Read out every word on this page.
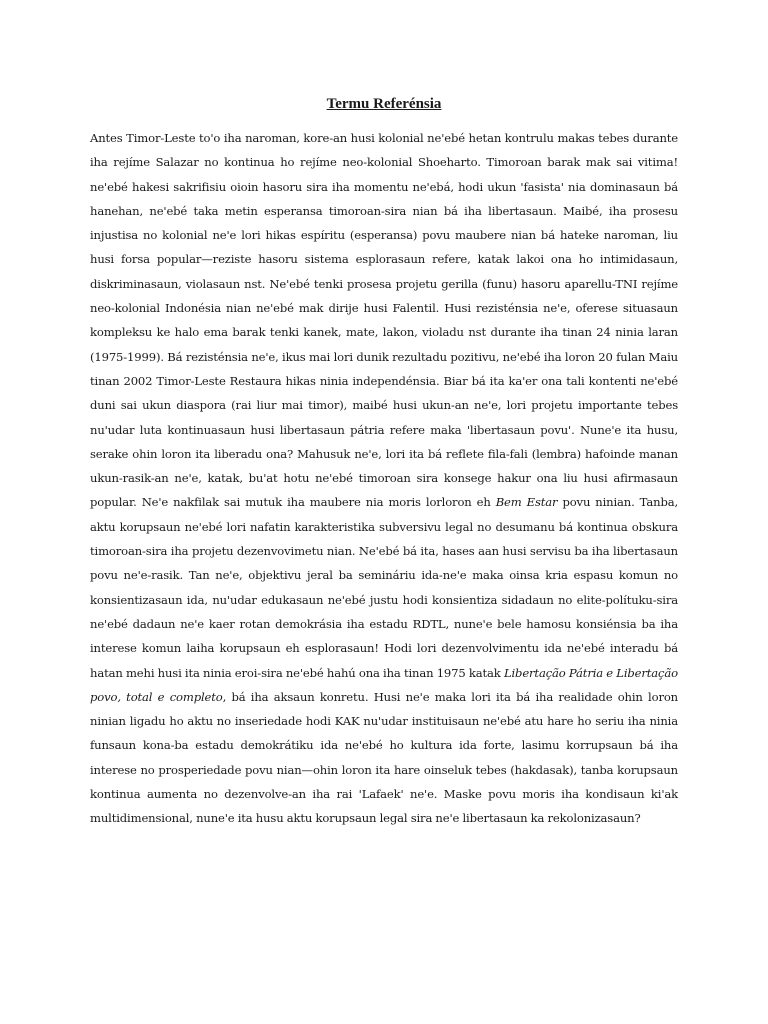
Termu Referénsia

Antes Timor-Leste to'o iha naroman, kore-an husi kolonial ne'ebé hetan kontrulu makas tebes durante iha rejíme Salazar no kontinua ho rejíme neo-kolonial Shoeharto. Timoroan barak mak sai vitima! ne'ebé hakesi sakrifisiu oioin hasoru sira iha momentu ne'ebá, hodi ukun 'fasista' nia dominasaun bá hanehan, ne'ebé taka metin esperansa timoroan-sira nian bá iha libertasaun. Maibé, iha prosesu injustisa no kolonial ne'e lori hikas espíritu (esperansa) povu maubere nian bá hateke naroman, liu husi forsa popular—reziste hasoru sistema esplorasaun refere, katak lakoi ona ho intimidasaun, diskriminasaun, violasaun nst. Ne'ebé tenki prosesa projetu gerilla (funu) hasoru aparellu-TNI rejíme neo-kolonial Indonésia nian ne'ebé mak dirije husi Falentil. Husi rezisténsia ne'e, oferese situasaun kompleksu ke halo ema barak tenki kanek, mate, lakon, violadu nst durante iha tinan 24 ninia laran (1975-1999). Bá rezisténsia ne'e, ikus mai lori dunik rezultadu pozitivu, ne'ebé iha loron 20 fulan Maiu tinan 2002 Timor-Leste Restaura hikas ninia independénsia. Biar bá ita ka'er ona tali kontenti ne'ebé duni sai ukun diaspora (rai liur mai timor), maibé husi ukun-an ne'e, lori projetu importante tebes nu'udar luta kontinuasaun husi libertasaun pátria refere maka 'libertasaun povu'. Nune'e ita husu, serake ohin loron ita liberadu ona? Mahusuk ne'e, lori ita bá reflete fila-fali (lembra) hafoinde manan ukun-rasik-an ne'e, katak, bu'at hotu ne'ebé timoroan sira konsege hakur ona liu husi afirmasaun popular. Ne'e nakfilak sai mutuk iha maubere nia moris lorloron eh Bem Estar povu ninian. Tanba, aktu korupsaun ne'ebé lori nafatin karakteristika subversivu legal no desumanu bá kontinua obskura timoroan-sira iha projetu dezenvovimetu nian. Ne'ebé bá ita, hases aan husi servisu ba iha libertasaun povu ne'e-rasik. Tan ne'e, objektivu jeral ba semináriu ida-ne'e maka oinsa kria espasu komun no konsientizasaun ida, nu'udar edukasaun ne'ebé justu hodi konsientiza sidadaun no elite-polítuku-sira ne'ebé dadaun ne'e kaer rotan demokrásia iha estadu RDTL, nune'e bele hamosu konsiénsia ba iha interese komun laiha korupsaun eh esplorasaun! Hodi lori dezenvolvimentu ida ne'ebé interadu bá hatan mehi husi ita ninia eroi-sira ne'ebé hahú ona iha tinan 1975 katak Libertação Pátria e Libertação povo, total e completo, bá iha aksaun konretu. Husi ne'e maka lori ita bá iha realidade ohin loron ninian ligadu ho aktu no inseriedade hodi KAK nu'udar instituisaun ne'ebé atu hare ho seriu iha ninia funsaun kona-ba estadu demokrátiku ida ne'ebé ho kultura ida forte, lasimu korrupsaun bá iha interese no prosperiedade povu nian—ohin loron ita hare oinseluk tebes (hakdasak), tanba korupsaun kontinua aumenta no dezenvolve-an iha rai 'Lafaek' ne'e. Maske povu moris iha kondisaun ki'ak multidimensional, nune'e ita husu aktu korupsaun legal sira ne'e libertasaun ka rekolonizasaun?
